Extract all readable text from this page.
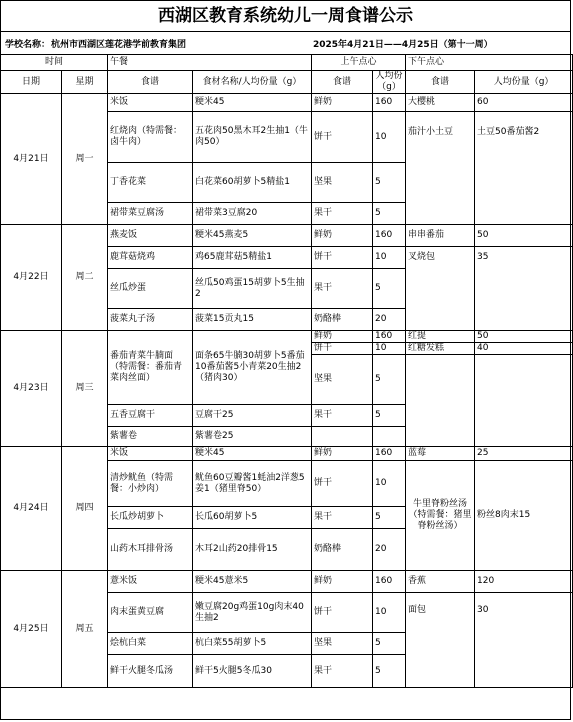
西湖区教育系统幼儿一周食谱公示
学校名称： 杭州市西湖区莲花港学前教育集团	2025年4月21日——4月25日（第十一周）
时间		午餐		上午点心		下午点心	
日期	星期	食谱	食材名称/人均份量（g）	食谱	人均份（g）	食谱	人均份量（g）
4月21日	周一	米饭	粳米45	鲜奶	160	大樱桃	60
		红烧肉（特需餐：卤牛肉）	五花肉50黑木耳2生抽1（牛肉50）	饼干	10	茄汁小土豆	土豆50番茄酱2
		丁香花菜	白花菜60胡萝卜5精盐1	坚果	5		
		裙带菜豆腐汤	裙带菜3豆腐20	果干	5		
4月22日	周二	燕麦饭	粳米45燕麦5	鲜奶	160	串串番茄	50
		鹿茸菇烧鸡	鸡65鹿茸菇5精盐1	饼干	10	叉烧包	35
		丝瓜炒蛋	丝瓜50鸡蛋15胡萝卜5生抽2	果干	5		
		菠菜丸子汤	菠菜15贡丸15	奶酪棒	20		
4月23日	周三	番茄青菜牛腩面（特需餐：番茄青菜肉丝面）	面条65牛腩30胡萝卜5番茄10番茄酱5小青菜20生抽2（猪肉30）	鲜奶	160	红提	50
				饼干	10	红糖发糕	40
				坚果	5		
		五香豆腐干	豆腐干25	果干	5		
		紫薯卷	紫薯卷25				
4月24日	周四	米饭	粳米45	鲜奶	160	蓝莓	25
		清炒鱿鱼（特需餐：小炒肉）	鱿鱼60豆瓣酱1蚝油2洋葱5姜1（猪里脊50）	饼干	10	牛里脊粉丝汤（特需餐：猪里脊粉丝汤）	粉丝8肉末15
		长瓜炒胡萝卜	长瓜60胡萝卜5	果干	5		
		山药木耳排骨汤	木耳2山药20排骨15	奶酪棒	20		
4月25日	周五	薏米饭	粳米45薏米5	鲜奶	160	香蕉	120
		肉末蛋黄豆腐	嫩豆腐20g鸡蛋10g肉末40生抽2	饼干	10	面包	30
		烩杭白菜	杭白菜55胡萝卜5	坚果	5		
		鲜干火腿冬瓜汤	鲜干5火腿5冬瓜30	果干	5		
